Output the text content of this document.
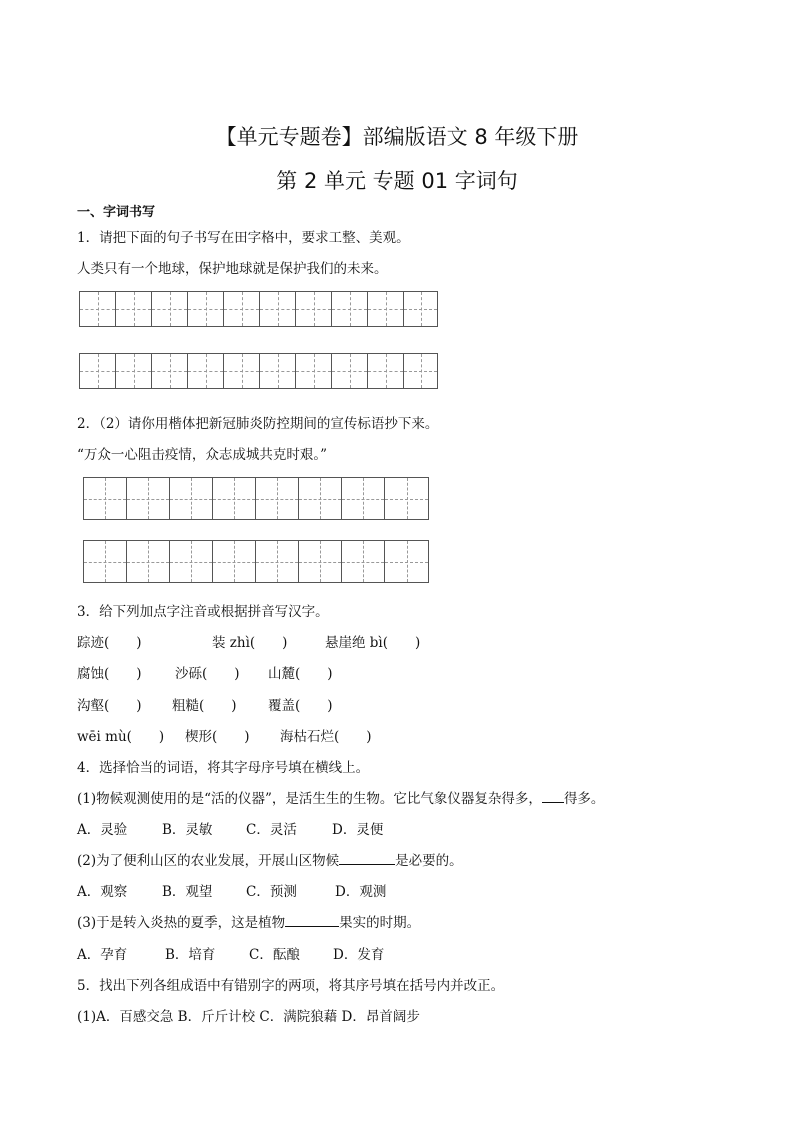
【单元专题卷】部编版语文 8 年级下册
第 2 单元 专题 01 字词句
一、字词书写
1．请把下面的句子书写在田字格中，要求工整、美观。
人类只有一个地球，保护地球就是保护我们的未来。
2．（2）请你用楷体把新冠肺炎防控期间的宣传标语抄下来。
“万众一心阻击疫情，众志成城共克时艰。”
3．给下列加点字注音或根据拼音写汉字。
踪迹(　　)	装 zhì(　　)	悬崖绝 bì(　　)
腐蚀(　　) 沙砾(　　) 山麓(　　)
沟壑(　　) 粗糙(　　) 覆盖(　　)
wēi mù(　　) 楔形(　　) 海枯石烂(　　)
4．选择恰当的词语，将其字母序号填在横线上。
(1)物候观测使用的是“活的仪器”，是活生生的生物。它比气象仪器复杂得多， 得多。
A．灵验	B．灵敏 C．灵活	D．灵便
(2)为了便利山区的农业发展，开展山区物候	是必要的。
A．观察	B．观望 C．预测	D．观测
(3)于是转入炎热的夏季，这是植物	果实的时期。
A．孕育	B．培育 C．酝酿 D．发育
5．找出下列各组成语中有错别字的两项，将其序号填在括号内并改正。
(1)A．百感交急 B．斤斤计校 C．满院狼藉 D．昂首阔步
